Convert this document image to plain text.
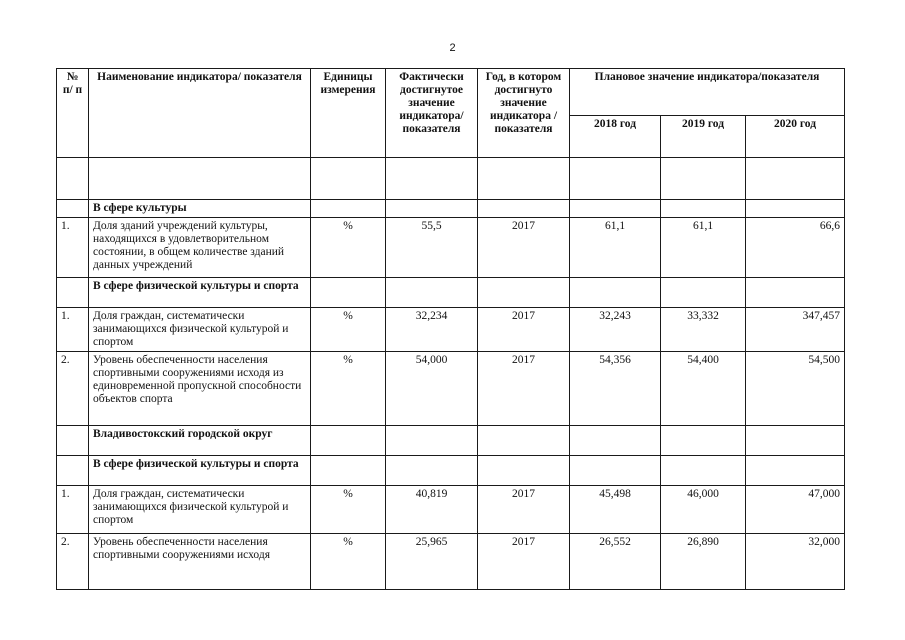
2
№ п/ п	Наименование индикатора/ показателя	Единицы измерения	Фактически достигнутое значение индикатора/ показателя	Год, в котором достигнуто значение индикатора /показателя	Плановое значение индикатора/показателя		
					2018 год	2019 год	2020 год

	В сфере культуры						
1.	Доля зданий учреждений культуры, находящихся в удовлетворительном состоянии, в общем количестве зданий данных учреждений	%	55,5	2017	61,1	61,1	66,6
	В сфере физической культуры и спорта						
1.	Доля граждан, систематически занимающихся физической культурой и спортом	%	32,234	2017	32,243	33,332	347,457
2.	Уровень обеспеченности населения спортивными сооружениями исходя из единовременной пропускной способности объектов спорта	%	54,000	2017	54,356	54,400	54,500
	Владивостокский городской округ						
	В сфере физической культуры и спорта						
1.	Доля граждан, систематически занимающихся физической культурой и спортом	%	40,819	2017	45,498	46,000	47,000
2.	Уровень обеспеченности населения спортивными сооружениями исходя	%	25,965	2017	26,552	26,890	32,000
